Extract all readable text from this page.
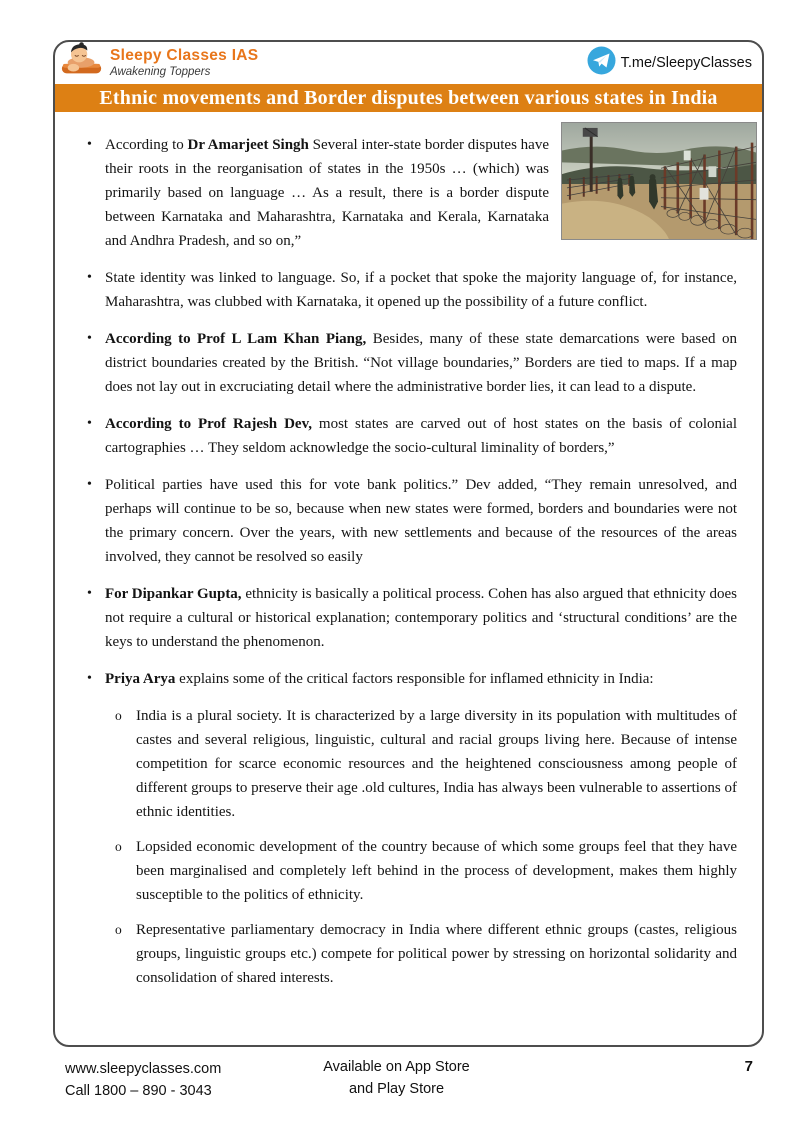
Sleepy Classes IAS
Awakening Toppers
T.me/SleepyClasses
Ethnic movements and Border disputes between various states in India
• According to Dr Amarjeet Singh Several inter-state border disputes have their roots in the reorganisation of states in the 1950s … (which) was primarily based on language … As a result, there is a border dispute between Karnataka and Maharashtra, Karnataka and Kerala, Karnataka and Andhra Pradesh, and so on,”
• State identity was linked to language. So, if a pocket that spoke the majority language of, for instance, Maharashtra, was clubbed with Karnataka, it opened up the possibility of a future conflict.
• According to Prof L Lam Khan Piang, Besides, many of these state demarcations were based on district boundaries created by the British. “Not village boundaries,” Borders are tied to maps. If a map does not lay out in excruciating detail where the administrative border lies, it can lead to a dispute.
• According to Prof Rajesh Dev, most states are carved out of host states on the basis of colonial cartographies … They seldom acknowledge the socio-cultural liminality of borders,”
• Political parties have used this for vote bank politics.” Dev added, “They remain unresolved, and perhaps will continue to be so, because when new states were formed, borders and boundaries were not the primary concern. Over the years, with new settlements and because of the resources of the areas involved, they cannot be resolved so easily
• For Dipankar Gupta, ethnicity is basically a political process. Cohen has also argued that ethnicity does not require a cultural or historical explanation; contemporary politics and ‘structural conditions’ are the keys to understand the phenomenon.
• Priya Arya explains some of the critical factors responsible for inflamed ethnicity in India:
o India is a plural society. It is characterized by a large diversity in its population with multitudes of castes and several religious, linguistic, cultural and racial groups living here. Because of intense competition for scarce economic resources and the heightened consciousness among people of different groups to preserve their age .old cultures, India has always been vulnerable to assertions of ethnic identities.
o Lopsided economic development of the country because of which some groups feel that they have been marginalised and completely left behind in the process of development, makes them highly susceptible to the politics of ethnicity.
o Representative parliamentary democracy in India where different ethnic groups (castes, religious groups, linguistic groups etc.) compete for political power by stressing on horizontal solidarity and consolidation of shared interests.
www.sleepyclasses.com
Call 1800 – 890 - 3043
Available on App Store
and Play Store
7
